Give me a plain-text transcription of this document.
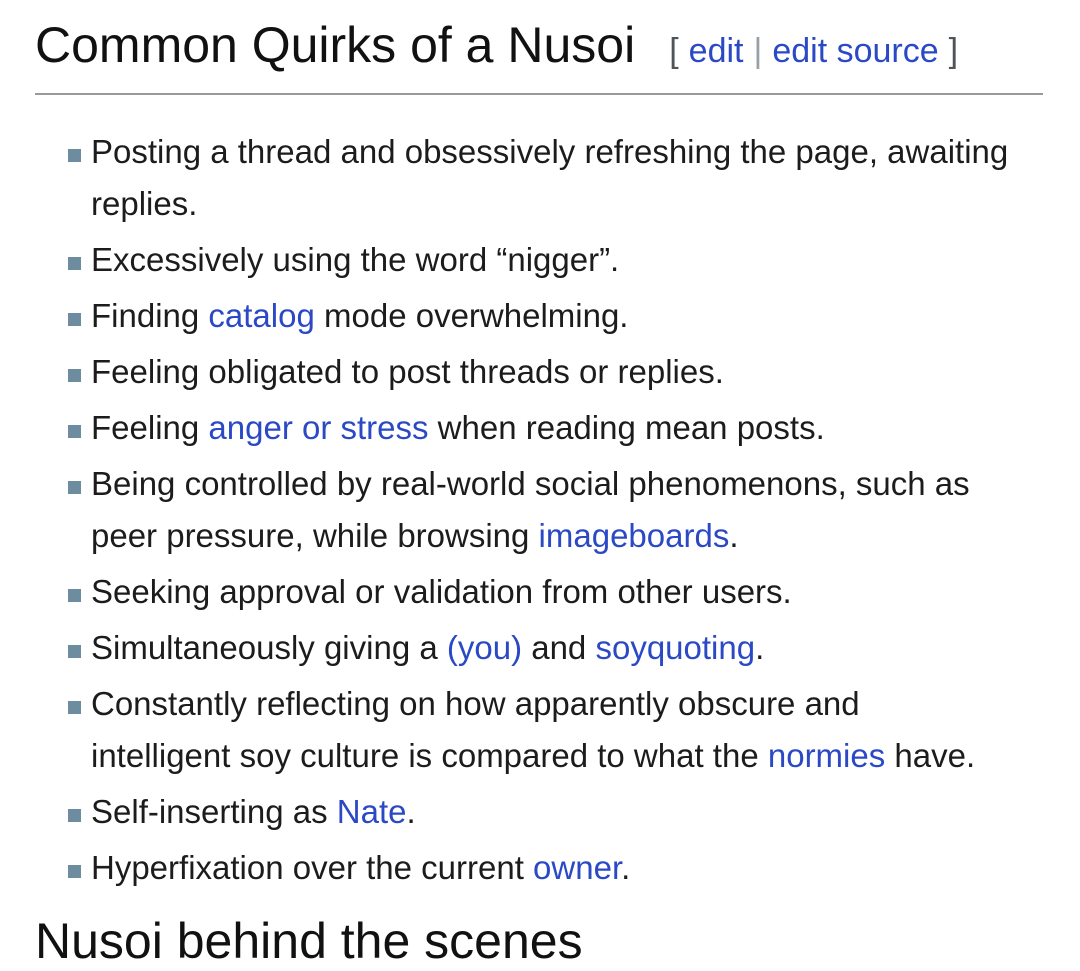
Common Quirks of a Nusoi [ edit | edit source ]
Posting a thread and obsessively refreshing the page, awaiting
replies.
Excessively using the word “nigger”.
Finding catalog mode overwhelming.
Feeling obligated to post threads or replies.
Feeling anger or stress when reading mean posts.
Being controlled by real-world social phenomenons, such as
peer pressure, while browsing imageboards.
Seeking approval or validation from other users.
Simultaneously giving a (you) and soyquoting.
Constantly reflecting on how apparently obscure and
intelligent soy culture is compared to what the normies have.
Self-inserting as Nate.
Hyperfixation over the current owner.
Nusoi behind the scenes
